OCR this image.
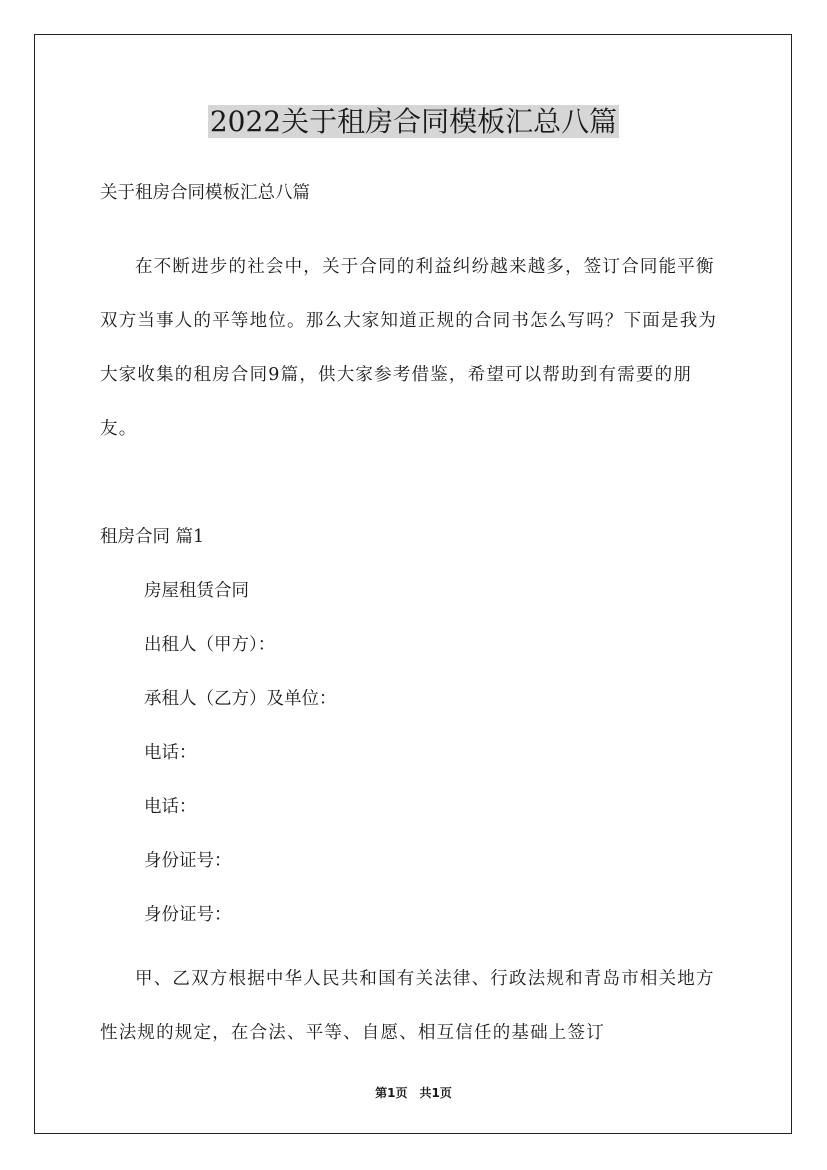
2022关于租房合同模板汇总八篇
关于租房合同模板汇总八篇

在不断进步的社会中，关于合同的利益纠纷越来越多，签订合同能平衡双方当事人的平等地位。那么大家知道正规的合同书怎么写吗？下面是我为大家收集的租房合同9篇，供大家参考借鉴，希望可以帮助到有需要的朋友。

租房合同 篇1
房屋租赁合同
出租人（甲方）：
承租人（乙方）及单位：
电话：
电话：
身份证号：
身份证号：

甲、乙双方根据中华人民共和国有关法律、行政法规和青岛市相关地方性法规的规定，在合法、平等、自愿、相互信任的基础上签订

第1页　共1页
